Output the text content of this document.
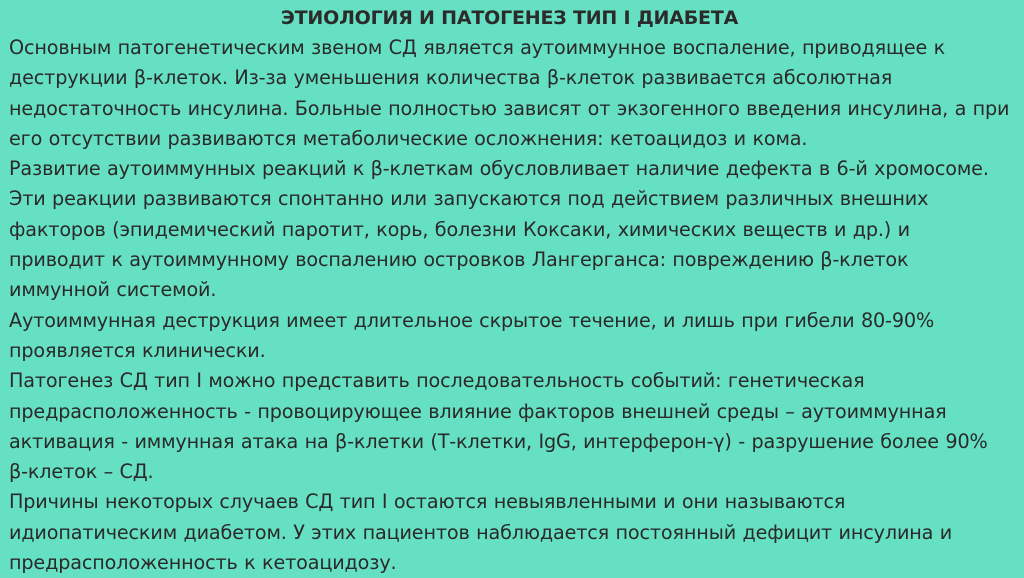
ЭТИОЛОГИЯ И ПАТОГЕНЕЗ ТИП I ДИАБЕТА

Основным патогенетическим звеном СД является аутоиммунное воспаление, приводящее к деструкции β-клеток. Из-за уменьшения количества β-клеток развивается абсолютная недостаточность инсулина. Больные полностью зависят от экзогенного введения инсулина, а при его отсутствии развиваются метаболические осложнения: кетоацидоз и кома.

Развитие аутоиммунных реакций к β-клеткам обусловливает наличие дефекта в 6-й хромосоме. Эти реакции развиваются спонтанно или запускаются под действием различных внешних факторов (эпидемический паротит, корь, болезни Коксаки, химических веществ и др.) и приводит к аутоиммунному воспалению островков Лангерганса: повреждению β-клеток иммунной системой.

Аутоиммунная деструкция имеет длительное скрытое течение, и лишь при гибели 80-90% проявляется клинически.

Патогенез СД тип I можно представить последовательность событий: генетическая предрасположенность - провоцирующее влияние факторов внешней среды – аутоиммунная активация - иммунная атака на β-клетки (Т-клетки, IgG, интерферон-γ) - разрушение более 90% β-клеток – СД.

Причины некоторых случаев СД тип I остаются невыявленными и они называются идиопатическим диабетом. У этих пациентов наблюдается постоянный дефицит инсулина и предрасположенность к кетоацидозу.
